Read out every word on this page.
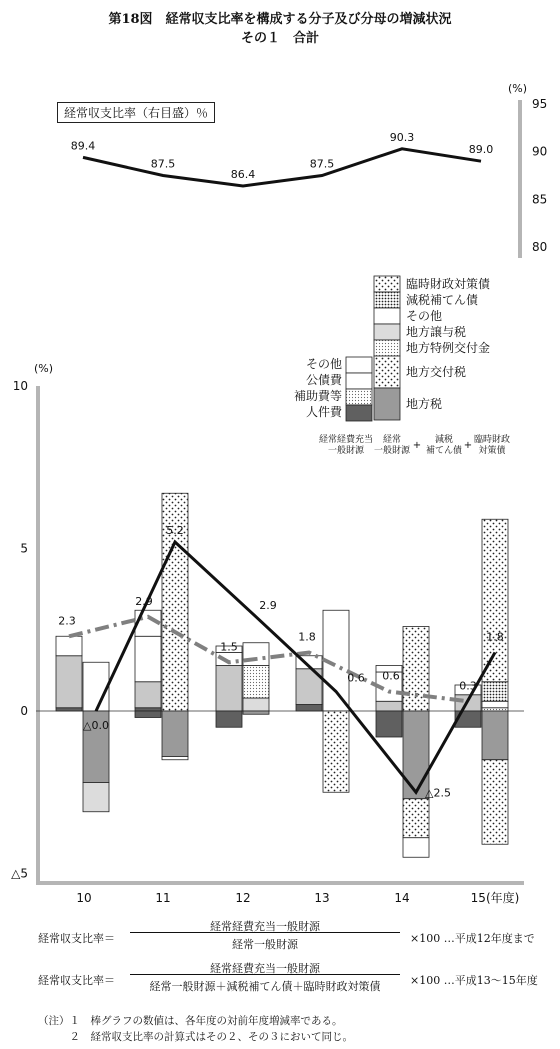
第18図　経常収支比率を構成する分子及び分母の増減状況
その１　合計
経常収支比率（右目盛）％
95
90
85
80
(%)
89.4
87.5
86.4
87.5
90.3
89.0
(%)
10
5
0
△5
10	11	12	13	14	15(年度)
2.3
2.9
1.5
1.8
0.6
0.3
△0.0
5.2
2.9
0.6
△2.5
1.8
その他
公債費
補助費等
人件費
経常経費充当
一般財源
臨時財政対策債
減税補てん債
その他
地方譲与税
地方特例交付金
地方交付税
地方税
経常
一般財源
減税
補てん債
臨時財政
対策債
+	+
経常収支比率＝
経常経費充当一般財源
経常一般財源	×100 …平成12年度まで
経常収支比率＝
経常経費充当一般財源
経常一般財源＋減税補てん債＋臨時財政対策債	×100 …平成13～15年度
（注）１　棒グラフの数値は、各年度の対前年度増減率である。
　　　２　経常収支比率の計算式はその２、その３において同じ。
